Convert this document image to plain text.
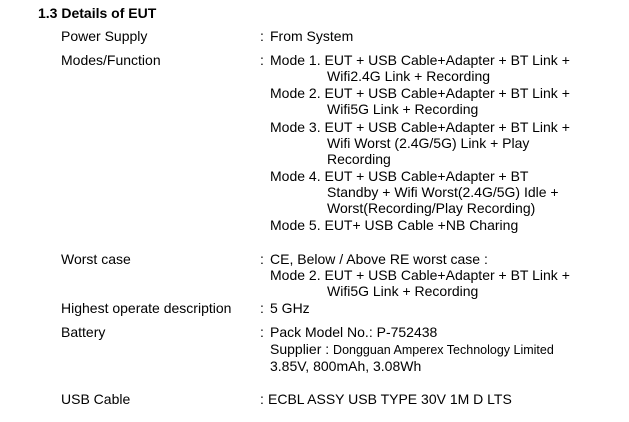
1.3 Details of EUT
Power Supply	: From System
Modes/Function	: Mode 1. EUT + USB Cable+Adapter + BT Link +
Wifi2.4G Link + Recording
Mode 2. EUT + USB Cable+Adapter + BT Link +
Wifi5G Link + Recording
Mode 3. EUT + USB Cable+Adapter + BT Link +
Wifi Worst (2.4G/5G) Link + Play
Recording
Mode 4. EUT + USB Cable+Adapter + BT
Standby + Wifi Worst(2.4G/5G) Idle +
Worst(Recording/Play Recording)
Mode 5. EUT+ USB Cable +NB Charing
Worst case	: CE, Below / Above RE worst case :
Mode 2. EUT + USB Cable+Adapter + BT Link +
Wifi5G Link + Recording
Highest operate description : 5 GHz
Battery	: Pack Model No.: P-752438
Supplier : Dongguan Amperex Technology Limited
3.85V, 800mAh, 3.08Wh
USB Cable	: ECBL ASSY USB TYPE 30V 1M D LTS
